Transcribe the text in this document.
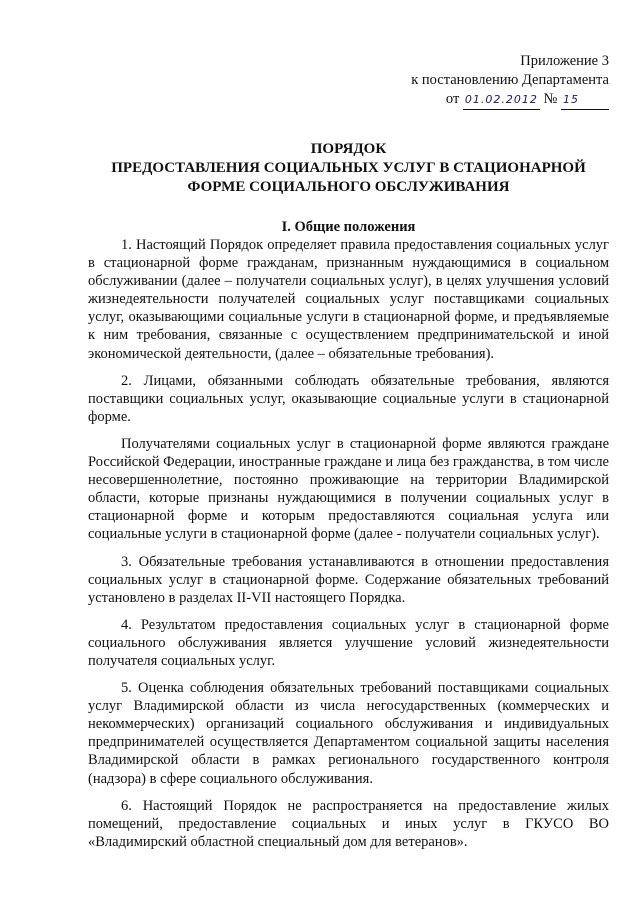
Приложение 3
к постановлению Департамента
от 01.02.2012 № 15
ПОРЯДОК
ПРЕДОСТАВЛЕНИЯ СОЦИАЛЬНЫХ УСЛУГ В СТАЦИОНАРНОЙ
ФОРМЕ СОЦИАЛЬНОГО ОБСЛУЖИВАНИЯ
I. Общие положения

1. Настоящий Порядок определяет правила предоставления социальных услуг в стационарной форме гражданам, признанным нуждающимися в социальном обслуживании (далее – получатели социальных услуг), в целях улучшения условий жизнедеятельности получателей социальных услуг поставщиками социальных услуг, оказывающими социальные услуги в стационарной форме, и предъявляемые к ним требования, связанные с осуществлением предпринимательской и иной экономической деятельности, (далее – обязательные требования).

2. Лицами, обязанными соблюдать обязательные требования, являются поставщики социальных услуг, оказывающие социальные услуги в стационарной форме.

Получателями социальных услуг в стационарной форме являются граждане Российской Федерации, иностранные граждане и лица без гражданства, в том числе несовершеннолетние, постоянно проживающие на территории Владимирской области, которые признаны нуждающимися в получении социальных услуг в стационарной форме и которым предоставляются социальная услуга или социальные услуги в стационарной форме (далее - получатели социальных услуг).

3. Обязательные требования устанавливаются в отношении предоставления социальных услуг в стационарной форме. Содержание обязательных требований установлено в разделах II-VII настоящего Порядка.

4. Результатом предоставления социальных услуг в стационарной форме социального обслуживания является улучшение условий жизнедеятельности получателя социальных услуг.

5. Оценка соблюдения обязательных требований поставщиками социальных услуг Владимирской области из числа негосударственных (коммерческих и некоммерческих) организаций социального обслуживания и индивидуальных предпринимателей осуществляется Департаментом социальной защиты населения Владимирской области в рамках регионального государственного контроля (надзора) в сфере социального обслуживания.

6. Настоящий Порядок не распространяется на предоставление жилых помещений, предоставление социальных и иных услуг в ГКУСО ВО «Владимирский областной специальный дом для ветеранов».
